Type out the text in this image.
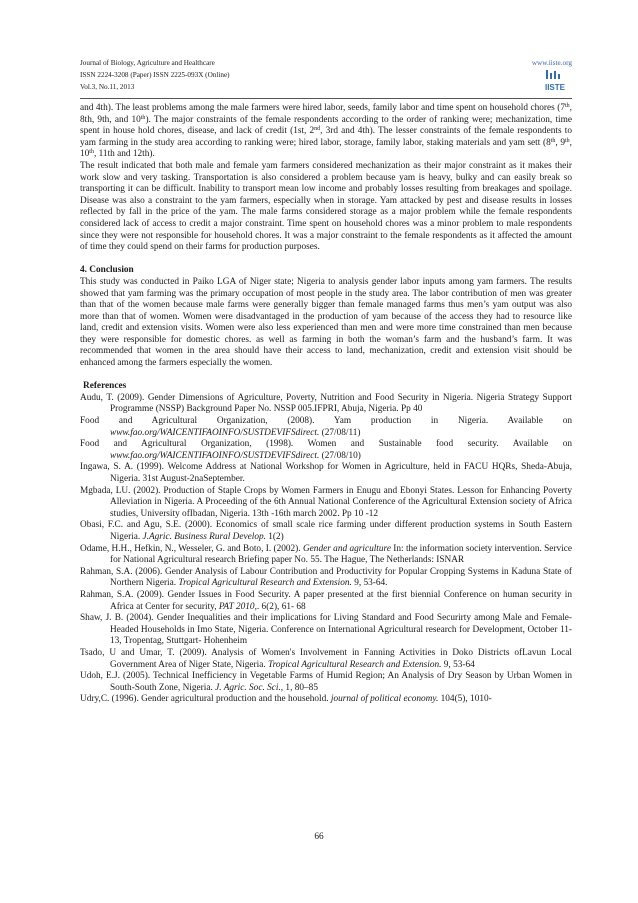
Journal of Biology, Agriculture and Healthcare
ISSN 2224-3208 (Paper) ISSN 2225-093X (Online)
Vol.3, No.11, 2013
www.iiste.org
IISTE

and 4th). The least problems among the male farmers were hired labor, seeds, family labor and time spent on household chores (7th, 8th, 9th, and 10th). The major constraints of the female respondents according to the order of ranking were; mechanization, time spent in house hold chores, disease, and lack of credit (1st, 2nd, 3rd and 4th). The lesser constraints of the female respondents to yam farming in the study area according to ranking were; hired labor, storage, family labor, staking materials and yam sett (8th, 9th, 10th, 11th and 12th).

The result indicated that both male and female yam farmers considered mechanization as their major constraint as it makes their work slow and very tasking. Transportation is also considered a problem because yam is heavy, bulky and can easily break so transporting it can be difficult. Inability to transport mean low income and probably losses resulting from breakages and spoilage. Disease was also a constraint to the yam farmers, especially when in storage. Yam attacked by pest and disease results in losses reflected by fall in the price of the yam. The male farms considered storage as a major problem while the female respondents considered lack of access to credit a major constraint. Time spent on household chores was a minor problem to male respondents since they were not responsible for household chores. It was a major constraint to the female respondents as it affected the amount of time they could spend on their farms for production purposes.

4. Conclusion

This study was conducted in Paiko LGA of Niger state; Nigeria to analysis gender labor inputs among yam farmers. The results showed that yam farming was the primary occupation of most people in the study area. The labor contribution of men was greater than that of the women because male farms were generally bigger than female managed farms thus men’s yam output was also more than that of women. Women were disadvantaged in the production of yam because of the access they had to resource like land, credit and extension visits. Women were also less experienced than men and were more time constrained than men because they were responsible for domestic chores. as well as farming in both the woman’s farm and the husband’s farm. It was recommended that women in the area should have their access to land, mechanization, credit and extension visit should be enhanced among the farmers especially the women.

References

Audu, T. (2009). Gender Dimensions of Agriculture, Poverty, Nutrition and Food Security in Nigeria. Nigeria Strategy Support Programme (NSSP) Background Paper No. NSSP 005.IFPRI, Abuja, Nigeria. Pp 40

Food and Agricultural Organization, (2008). Yam production in Nigeria. Available on www.fao.org/WAICENTIFAOINFO/SUSTDEVIFSdirect. (27/08/11)

Food and Agricultural Organization, (1998). Women and Sustainable food security. Available on www.fao.org/WAICENTIFAOINFO/SUSTDEVIFSdirect. (27/08/10)

Ingawa, S. A. (1999). Welcome Address at National Workshop for Women in Agriculture, held in FACU HQRs, Sheda-Abuja, Nigeria. 31st August-2naSeptember.

Mgbada, LU. (2002). Production of Staple Crops by Women Farmers in Enugu and Ebonyi States. Lesson for Enhancing Poverty Alleviation in Nigeria. A Proceeding of the 6th Annual National Conference of the Agricultural Extension society of Africa studies, University ofIbadan, Nigeria. 13th -16th march 2002. Pp 10 -12

Obasi, F.C. and Agu, S.E. (2000). Economics of small scale rice farming under different production systems in South Eastern Nigeria. J.Agric. Business Rural Develop. 1(2)

Odame, H.H., Hefkin, N., Wesseler, G. and Boto, I. (2002). Gender and agriculture In: the information society intervention. Service for National Agricultural research Briefing paper No. 55. The Hague, The Netherlands: ISNAR

Rahman, S.A. (2006). Gender Analysis of Labour Contribution and Productivity for Popular Cropping Systems in Kaduna State of Northern Nigeria. Tropical Agricultural Research and Extension. 9, 53-64.

Rahman, S.A. (2009). Gender Issues in Food Security. A paper presented at the first biennial Conference on human security in Africa at Center for security, PAT 2010,. 6(2), 61- 68

Shaw, J. B. (2004). Gender Inequalities and their implications for Living Standard and Food Securirty among Male and Female- Headed Households in Imo State, Nigeria. Conference on International Agricultural research for Development, October 11-13, Tropentag, Stuttgart- Hohenheim

Tsado, U and Umar, T. (2009). Analysis of Women's Involvement in Fanning Activities in Doko Districts ofLavun Local Government Area of Niger State, Nigeria. Tropical Agricultural Research and Extension. 9, 53-64

Udoh, E.J. (2005). Technical Inefficiency in Vegetable Farms of Humid Region; An Analysis of Dry Season by Urban Women in South-South Zone, Nigeria. J. Agric. Soc. Sci., 1, 80–85

Udry,C. (1996). Gender agricultural production and the household. journal of political economy. 104(5), 1010-

66
